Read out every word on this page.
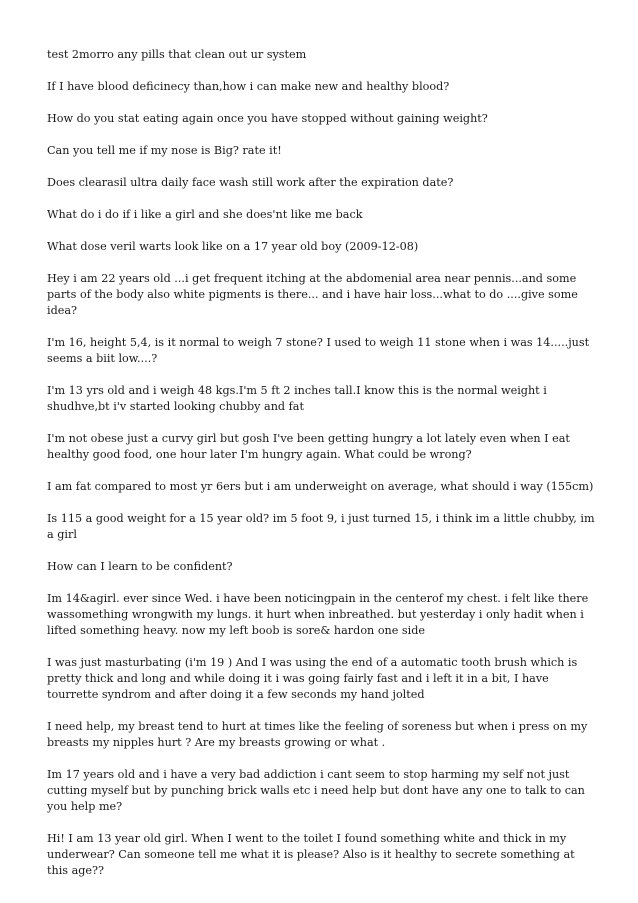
test 2morro any pills that clean out ur system

If I have blood deficinecy than,how i can make new and healthy blood?

How do you stat eating again once you have stopped without gaining weight?

Can you tell me if my nose is Big? rate it!

Does clearasil ultra daily face wash still work after the expiration date?

What do i do if i like a girl and she does'nt like me back

What dose veril warts look like on a 17 year old boy (2009-12-08)

Hey i am 22 years old ...i get frequent itching at the abdomenial area near pennis...and some parts of the body also white pigments is there... and i have hair loss...what to do ....give some idea?

I'm 16, height 5,4, is it normal to weigh 7 stone? I used to weigh 11 stone when i was 14.....just seems a biit low....?

I'm 13 yrs old and i weigh 48 kgs.I'm 5 ft 2 inches tall.I know this is the normal weight i shudhve,bt i'v started looking chubby and fat

I'm not obese just a curvy girl but gosh I've been getting hungry a lot lately even when I eat healthy good food, one hour later I'm hungry again. What could be wrong?

I am fat compared to most yr 6ers but i am underweight on average, what should i way (155cm)

Is 115 a good weight for a 15 year old? im 5 foot 9, i just turned 15, i think im a little chubby, im a girl

How can I learn to be confident?

Im 14&agirl. ever since Wed. i have been noticingpain in the centerof my chest. i felt like there wassomething wrongwith my lungs. it hurt when inbreathed. but yesterday i only hadit when i lifted something heavy. now my left boob is sore& hardon one side

I was just masturbating (i'm 19 ) And I was using the end of a automatic tooth brush which is pretty thick and long and while doing it i was going fairly fast and i left it in a bit, I have tourrette syndrom and after doing it a few seconds my hand jolted

I need help, my breast tend to hurt at times like the feeling of soreness but when i press on my breasts my nipples hurt ? Are my breasts growing or what .

Im 17 years old and i have a very bad addiction i cant seem to stop harming my self not just cutting myself but by punching brick walls etc i need help but dont have any one to talk to can you help me?

Hi! I am 13 year old girl. When I went to the toilet I found something white and thick in my underwear? Can someone tell me what it is please? Also is it healthy to secrete something at this age??
